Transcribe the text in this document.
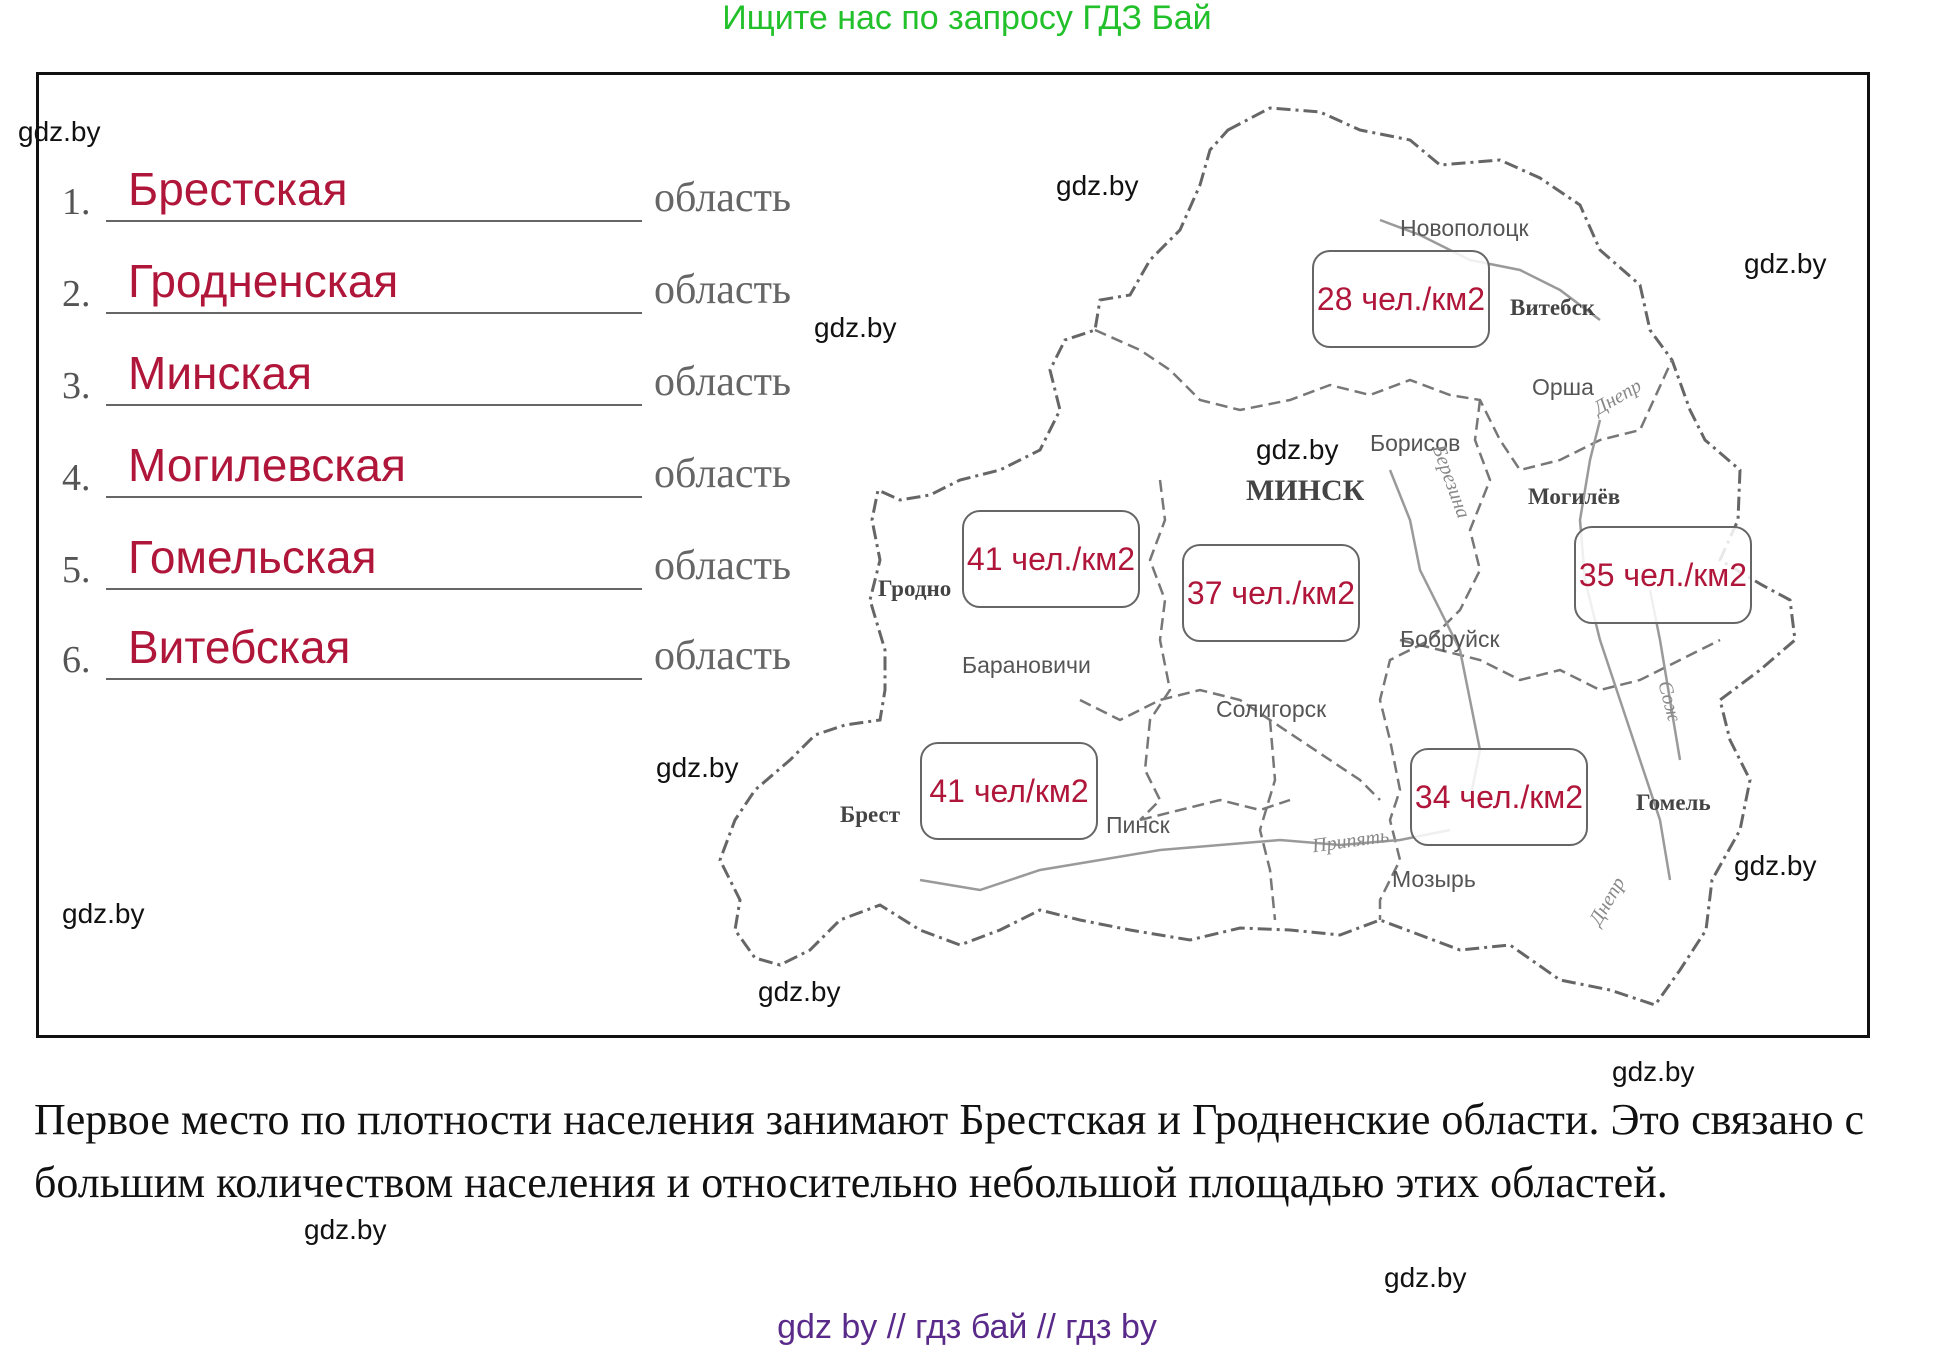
Ищите нас по запросу ГДЗ Бай
1. Брестская	область
2. Гродненская	область
3. Минская	область
4. Могилевская	область
5. Гомельская	область
6. Витебская	область
Новополоцк
Витебск
Орша
Борисов
МИНСК	Могилёв
Гродно
Барановичи
Бобруйск
Солигорск
Брест	Пинск
Гомель
Мозырь
Березина
Припять
Днепр
Днепр
Сож
28 чел./км2
41 чел./км2
37 чел./км2	35 чел./км2
41 чел/км2	34 чел./км2
gdz.by
gdz.by
gdz.by
gdz.by
gdz.by
gdz.by
gdz.by
gdz.by
gdz.by
gdz.by
gdz.by
gdz.by
Первое место по плотности населения занимают Брестская и Гродненские области. Это связано с большим количеством населения и относительно небольшой площадью этих областей.
gdz by // гдз бай // гдз by
